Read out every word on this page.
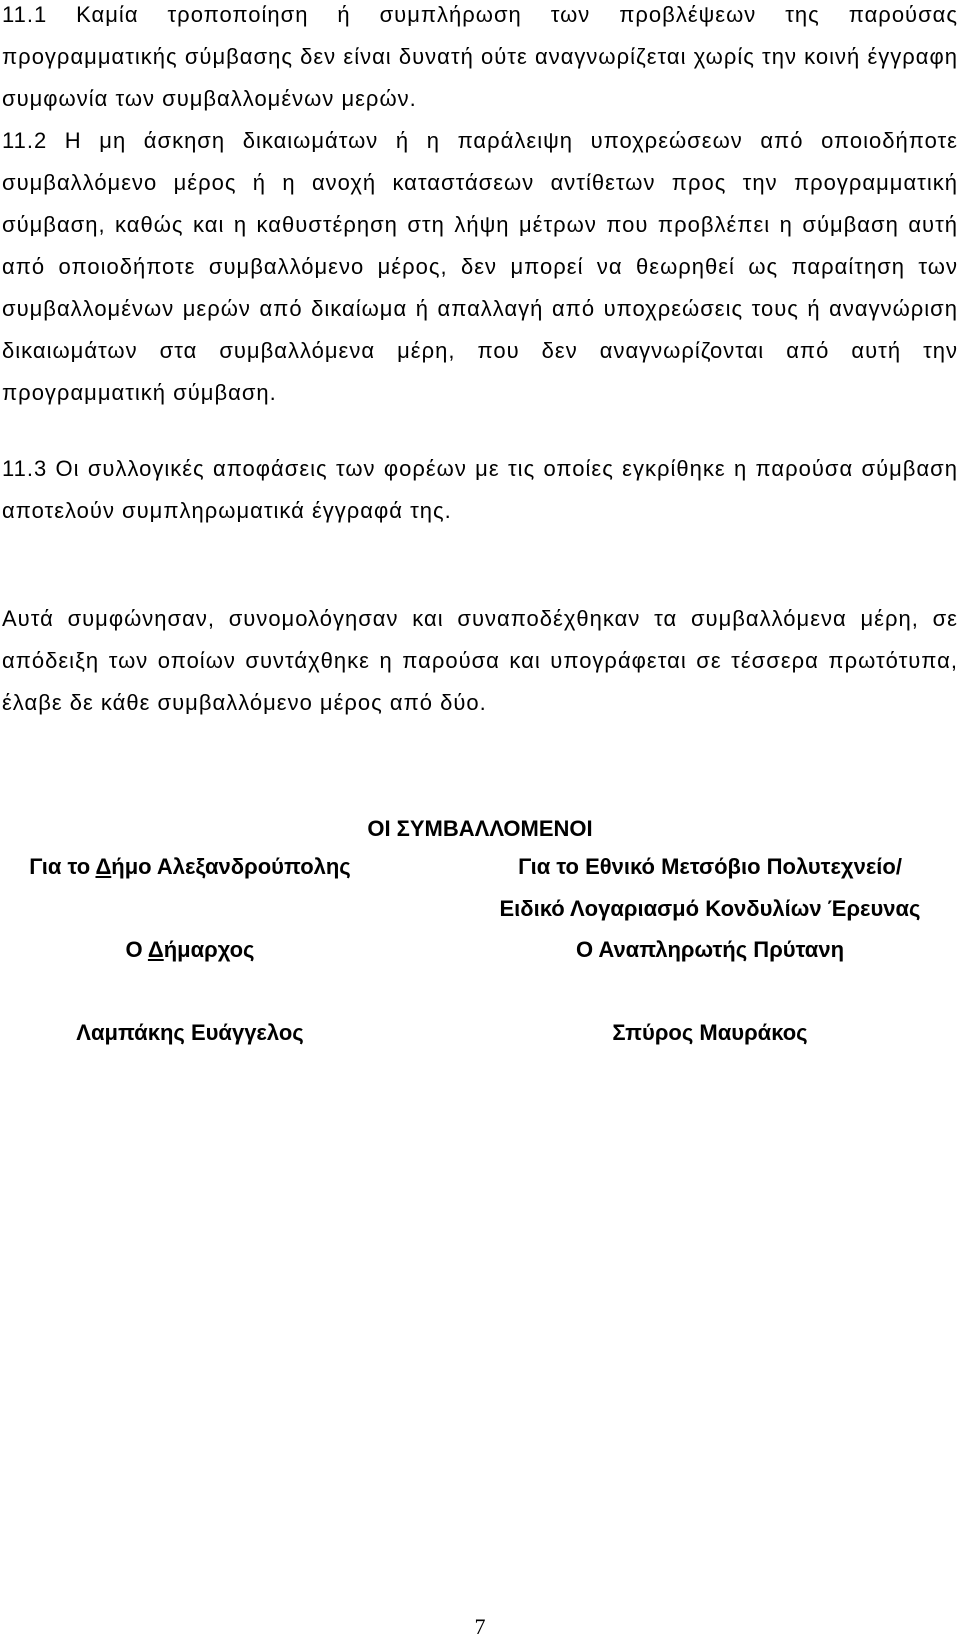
11.1 Καμία τροποποίηση ή συμπλήρωση των προβλέψεων της παρούσας προγραμματικής σύμβασης δεν είναι δυνατή ούτε αναγνωρίζεται χωρίς την κοινή έγγραφη συμφωνία των συμβαλλομένων μερών.

11.2 Η μη άσκηση δικαιωμάτων ή η παράλειψη υποχρεώσεων από οποιοδήποτε συμβαλλόμενο μέρος ή η ανοχή καταστάσεων αντίθετων προς την προγραμματική σύμβαση, καθώς και η καθυστέρηση στη λήψη μέτρων που προβλέπει η σύμβαση αυτή από οποιοδήποτε συμβαλλόμενο μέρος, δεν μπορεί να θεωρηθεί ως παραίτηση των συμβαλλομένων μερών από δικαίωμα ή απαλλαγή από υποχρεώσεις τους ή αναγνώριση δικαιωμάτων στα συμβαλλόμενα μέρη, που δεν αναγνωρίζονται από αυτή την προγραμματική σύμβαση.

11.3 Οι συλλογικές αποφάσεις των φορέων με τις οποίες εγκρίθηκε η παρούσα σύμβαση αποτελούν συμπληρωματικά έγγραφά της.

Αυτά συμφώνησαν, συνομολόγησαν και συναποδέχθηκαν τα συμβαλλόμενα μέρη, σε απόδειξη των οποίων συντάχθηκε η παρούσα και υπογράφεται σε τέσσερα πρωτότυπα, έλαβε δε κάθε συμβαλλόμενο μέρος από δύο.

ΟΙ ΣΥΜΒΑΛΛΟΜΕΝΟΙ
Για το Δήμο Αλεξανδρούπολης	Για το Εθνικό Μετσόβιο Πολυτεχνείο/
Ειδικό Λογαριασμό Κονδυλίων Έρευνας
Ο Δήμαρχος	Ο Αναπληρωτής Πρύτανη
Λαμπάκης Ευάγγελος	Σπύρος Μαυράκος
7
